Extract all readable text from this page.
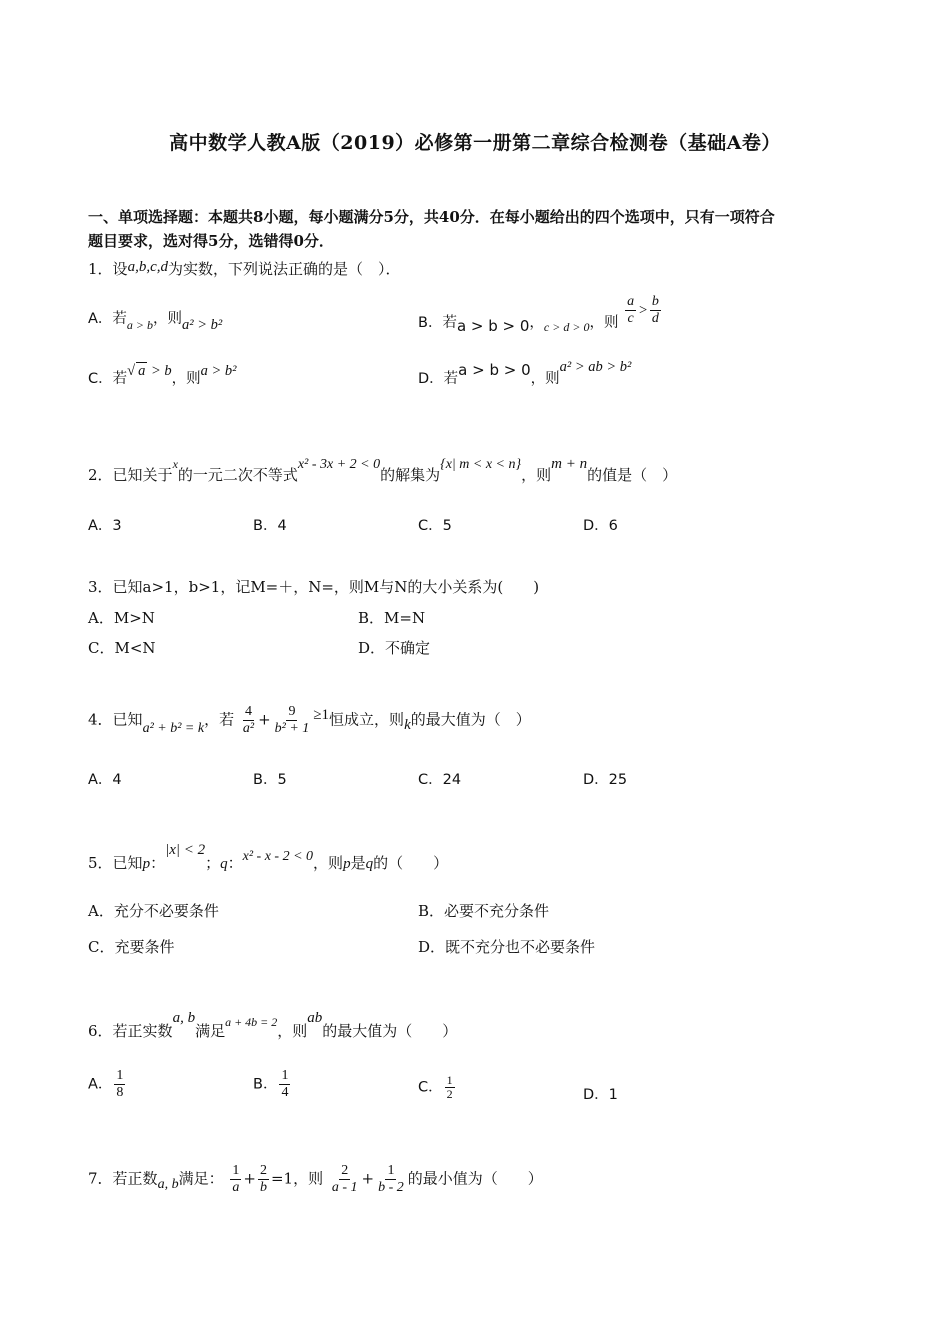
高中数学人教A版（2019）必修第一册第二章综合检测卷（基础A卷）
一、单项选择题：本题共8小题，每小题满分5分，共40分．在每小题给出的四个选项中，只有一项符合
题目要求，选对得5分，选错得0分．
1．设a,b,c,d为实数，下列说法正确的是（　）．
A．若$_{a > b}$，则a² > b²	B．若a > b > 0，$_{c > d > 0}$，则 $\frac{a}{c} > \frac{b}{d}$
C．若√ a > b，则a > b²	D．若a > b > 0，则a² > ab > b²
2．已知关于x的一元二次不等式x² - 3x + 2 < 0的解集为{x| m < x < n}，则m + n的值是（　）
A．3	B．4	C．5	D．6
3．已知a>1，b>1，记M=＋，N=，则M与N的大小关系为(　　)
A．M>N	B．M=N
C．M<N	D．不确定
4．已知a² + b² = k，若 $\frac{4}{\text{a²}} + \frac{9}{\text{b² + 1}} \ge 1$恒成立，则k的最大值为（　）
A．4	B．5	C．24	D．25
5．已知p：|x| < 2；q：x² - x - 2 < 0，则p是q的（　　）
A．充分不必要条件	B．必要不充分条件
C．充要条件	D．既不充分也不必要条件
6．若正实数a, b满足$_{a + 4b = 2}$，则ab的最大值为（　　）
A． $\frac{1}{8}$	B． $\frac{1}{4}$	C． $\frac{1}{2}$	D．1
7．若正数a, b满足： $\frac{1}{a} + \frac{2}{b} =1$，则 $\frac{2}{a - 1} + \frac{1}{b - 2}$ 的最小值为（　　）
